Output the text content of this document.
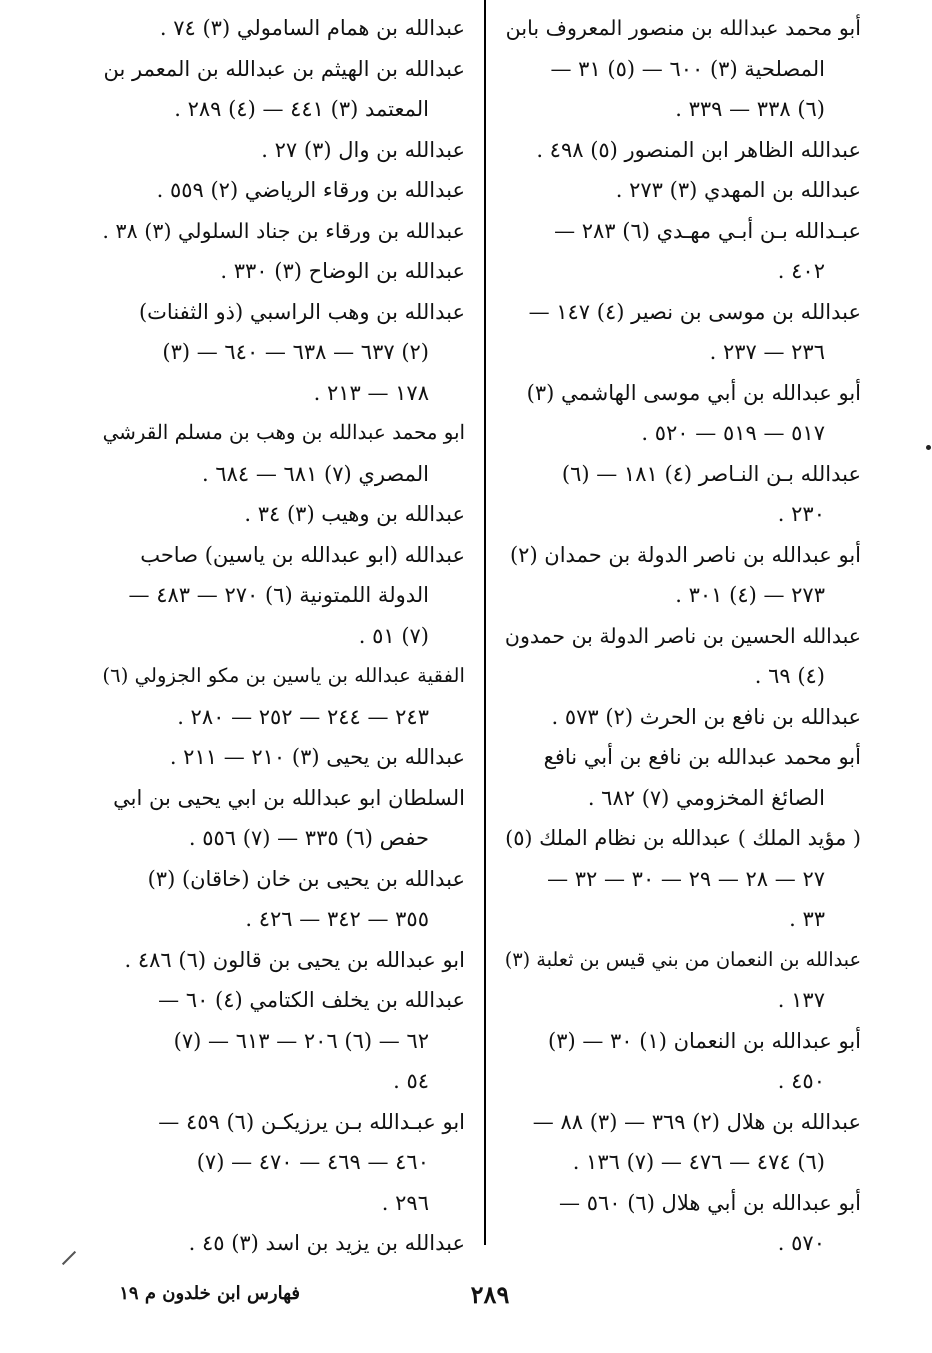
أبو محمد عبدالله بن منصور المعروف بابن
المصلحية (٣) ٦٠٠ — (٥) ٣١ —
(٦) ٣٣٨ — ٣٣٩ .
عبدالله الظاهر ابن المنصور (٥) ٤٩٨ .
عبدالله بن المهدي (٣) ٢٧٣ .
عبـدالله بـن أبـي مهـدي (٦) ٢٨٣ —
٤٠٢ .
عبدالله بن موسى بن نصير (٤) ١٤٧ —
٢٣٦ — ٢٣٧ .
أبو عبدالله بن أبي موسى الهاشمي (٣)
٥١٧ — ٥١٩ — ٥٢٠ .
عبدالله بـن النـاصر (٤) ١٨١ — (٦)
٢٣٠ .
أبو عبدالله بن ناصر الدولة بن حمدان (٢)
٢٧٣ — (٤) ٣٠١ .
عبدالله الحسين بن ناصر الدولة بن حمدون
(٤) ٦٩ .
عبدالله بن نافع بن الحرث (٢) ٥٧٣ .
أبو محمد عبدالله بن نافع بن أبي نافع
الصائغ المخزومي (٧) ٦٨٢ .
( مؤيد الملك ) عبدالله بن نظام الملك (٥)
٢٧ — ٢٨ — ٢٩ — ٣٠ — ٣٢ —
٣٣ .
عبدالله بن النعمان من بني قيس بن ثعلبة (٣)
١٣٧ .
أبو عبدالله بن النعمان (١) ٣٠ — (٣)
٤٥٠ .
عبدالله بن هلال (٢) ٣٦٩ — (٣) ٨٨ —
(٦) ٤٧٤ — ٤٧٦ — (٧) ١٣٦ .
أبو عبدالله بن أبي هلال (٦) ٥٦٠ —
٥٧٠ .
عبدالله بن همام السامولي (٣) ٧٤ .
عبدالله بن الهيثم بن عبدالله بن المعمر بن
المعتمد (٣) ٤٤١ — (٤) ٢٨٩ .
عبدالله بن وال (٣) ٢٧ .
عبدالله بن ورقاء الرياضي (٢) ٥٥٩ .
عبدالله بن ورقاء بن جناد السلولي (٣) ٣٨ .
عبدالله بن الوضاح (٣) ٣٣٠ .
عبدالله بن وهب الراسبي (ذو الثفنات)
(٢) ٦٣٧ — ٦٣٨ — ٦٤٠ — (٣)
١٧٨ — ٢١٣ .
ابو محمد عبدالله بن وهب بن مسلم القرشي
المصري (٧) ٦٨١ — ٦٨٤ .
عبدالله بن وهيب (٣) ٣٤ .
عبدالله (ابو عبدالله بن ياسين) صاحب
الدولة اللمتونية (٦) ٢٧٠ — ٤٨٣ —
(٧) ٥١ .
الفقية عبدالله بن ياسين بن مكو الجزولي (٦)
٢٤٣ — ٢٤٤ — ٢٥٢ — ٢٨٠ .
عبدالله بن يحيى (٣) ٢١٠ — ٢١١ .
السلطان ابو عبدالله بن ابي يحيى بن ابي
حفص (٦) ٣٣٥ — (٧) ٥٥٦ .
عبدالله بن يحيى بن خان (خاقان) (٣)
٣٥٥ — ٣٤٢ — ٤٢٦ .
ابو عبدالله بن يحيى بن قالون (٦) ٤٨٦ .
عبدالله بن يخلف الكتامي (٤) ٦٠ —
٦٢ — (٦) ٢٠٦ — ٦١٣ — (٧)
٥٤ .
ابو عبـدالله بـن يرزيكـن (٦) ٤٥٩ —
٤٦٠ — ٤٦٩ — ٤٧٠ — (٧)
٢٩٦ .
عبدالله بن يزيد بن اسد (٣) ٤٥ .
٢٨٩
فهارس ابن خلدون م ١٩
